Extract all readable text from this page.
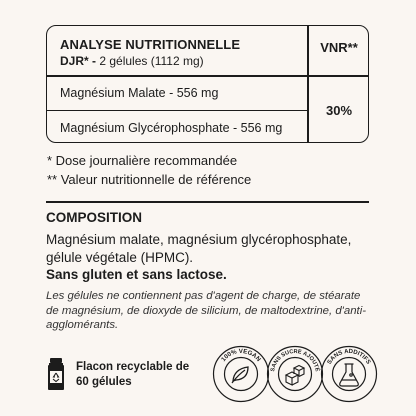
ANALYSE NUTRITIONNELLE
DJR* - 2 gélules (1112 mg)
VNR**
Magnésium Malate - 556 mg
Magnésium Glycérophosphate - 556 mg
30%
* Dose journalière recommandée
** Valeur nutritionnelle de référence
COMPOSITION
Magnésium malate, magnésium glycérophosphate, gélule végétale (HPMC).
Sans gluten et sans lactose.
Les gélules ne contiennent pas d'agent de charge, de stéarate de magnésium, de dioxyde de silicium, de maltodextrine, d'anti-agglomérants.
Flacon recyclable de
60 gélules
100% VEGAN
SANS SUCRE AJOUTÉ
SANS ADDITIFS
